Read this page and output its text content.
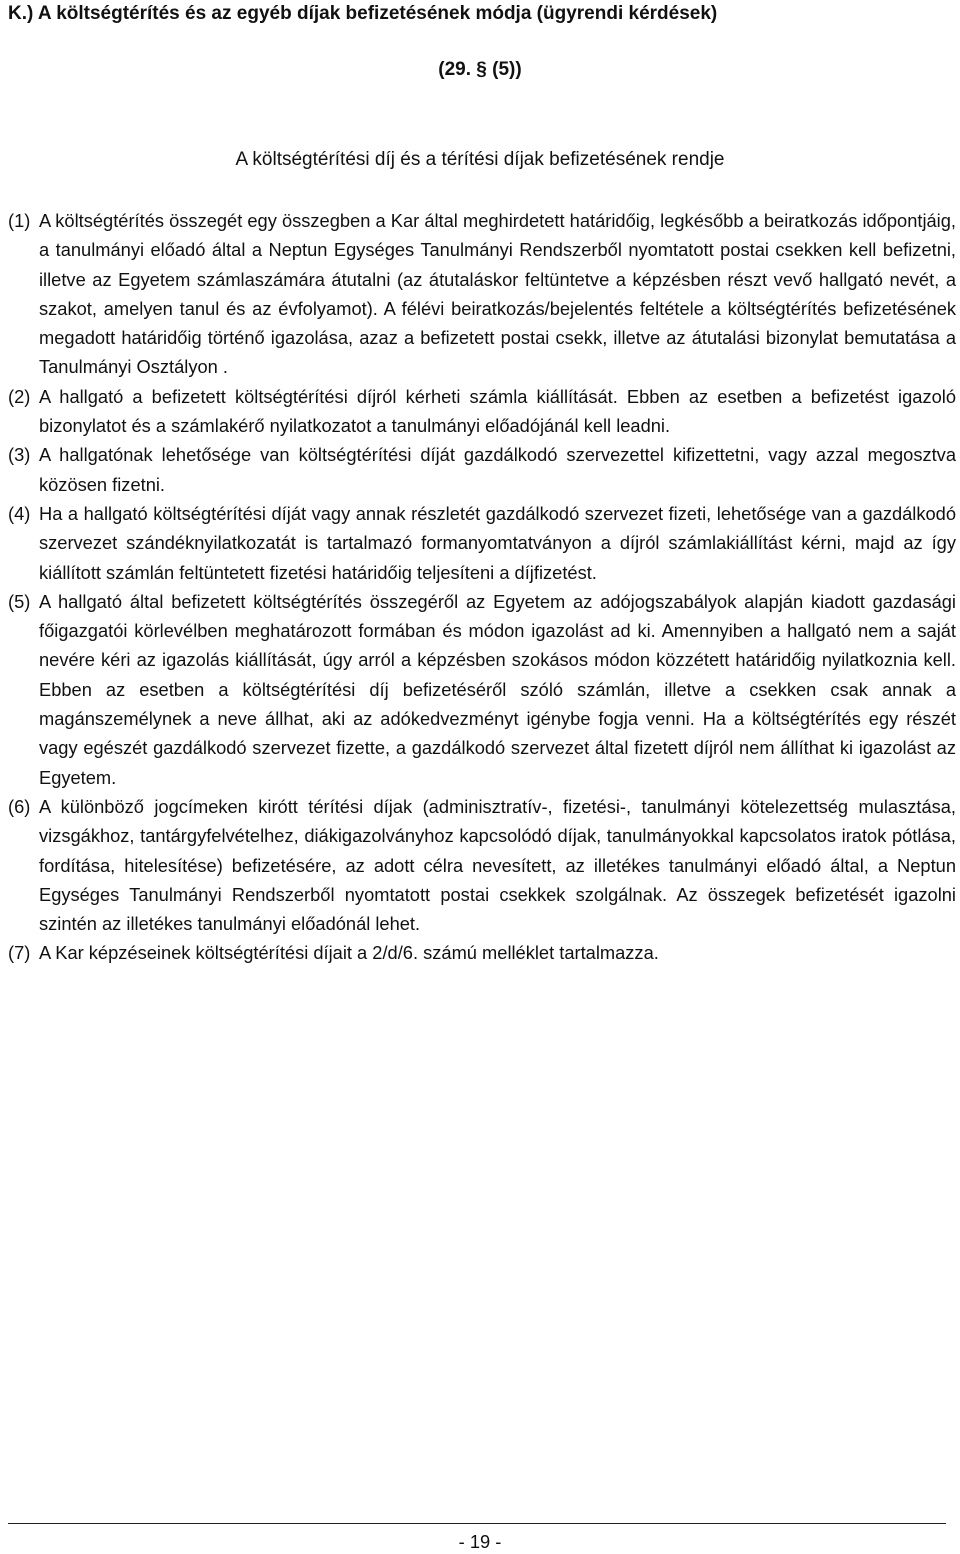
K.) A költségtérítés és az egyéb díjak befizetésének módja (ügyrendi kérdések)
(29. § (5))
A költségtérítési díj és a térítési díjak befizetésének rendje
(1) A költségtérítés összegét egy összegben a Kar által meghirdetett határidőig, legkésőbb a beiratkozás időpontjáig, a tanulmányi előadó által a Neptun Egységes Tanulmányi Rendszerből nyomtatott postai csekken kell befizetni, illetve az Egyetem számlaszámára átutalni (az átutaláskor feltüntetve a képzésben részt vevő hallgató nevét, a szakot, amelyen tanul és az évfolyamot). A félévi beiratkozás/bejelentés feltétele a költségtérítés befizetésének megadott határidőig történő igazolása, azaz a befizetett postai csekk, illetve az átutalási bizonylat bemutatása a Tanulmányi Osztályon .
(2) A hallgató a befizetett költségtérítési díjról kérheti számla kiállítását. Ebben az esetben a befizetést igazoló bizonylatot és a számlakérő nyilatkozatot a tanulmányi előadójánál kell leadni.
(3) A hallgatónak lehetősége van költségtérítési díját gazdálkodó szervezettel kifizettetni, vagy azzal megosztva közösen fizetni.
(4) Ha a hallgató költségtérítési díját vagy annak részletét gazdálkodó szervezet fizeti, lehetősége van a gazdálkodó szervezet szándéknyilatkozatát is tartalmazó formanyomtatványon a díjról számlakiállítást kérni, majd az így kiállított számlán feltüntetett fizetési határidőig teljesíteni a díjfizetést.
(5) A hallgató által befizetett költségtérítés összegéről az Egyetem az adójogszabályok alapján kiadott gazdasági főigazgatói körlevélben meghatározott formában és módon igazolást ad ki. Amennyiben a hallgató nem a saját nevére kéri az igazolás kiállítását, úgy arról a képzésben szokásos módon közzétett határidőig nyilatkoznia kell. Ebben az esetben a költségtérítési díj befizetéséről szóló számlán, illetve a csekken csak annak a magánszemélynek a neve állhat, aki az adókedvezményt igénybe fogja venni. Ha a költségtérítés egy részét vagy egészét gazdálkodó szervezet fizette, a gazdálkodó szervezet által fizetett díjról nem állíthat ki igazolást az Egyetem.
(6) A különböző jogcímeken kirótt térítési díjak (adminisztratív-, fizetési-, tanulmányi kötelezettség mulasztása, vizsgákhoz, tantárgyfelvételhez, diákigazolványhoz kapcsolódó díjak, tanulmányokkal kapcsolatos iratok pótlása, fordítása, hitelesítése) befizetésére, az adott célra nevesített, az illetékes tanulmányi előadó által, a Neptun Egységes Tanulmányi Rendszerből nyomtatott postai csekkek szolgálnak. Az összegek befizetését igazolni szintén az illetékes tanulmányi előadónál lehet.
(7) A Kar képzéseinek költségtérítési díjait a 2/d/6. számú melléklet tartalmazza.
- 19 -
